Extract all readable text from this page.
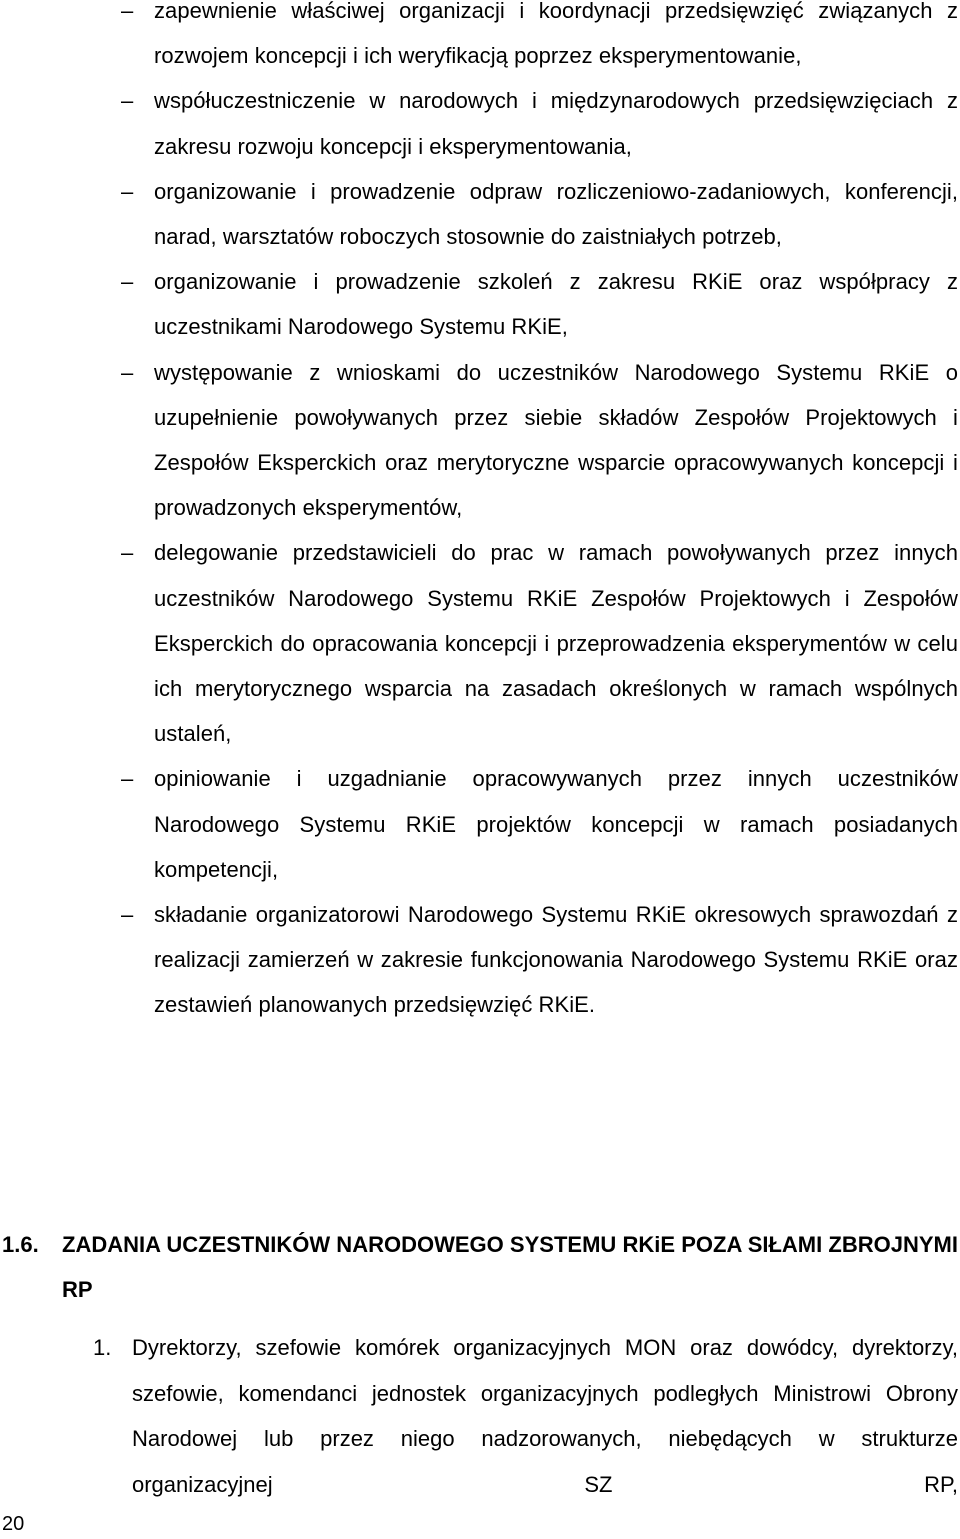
– zapewnienie właściwej organizacji i koordynacji przedsięwzięć związanych z rozwojem koncepcji i ich weryfikacją poprzez eksperymentowanie,
– współuczestniczenie w narodowych i międzynarodowych przedsięwzięciach z zakresu rozwoju koncepcji i eksperymentowania,
– organizowanie i prowadzenie odpraw rozliczeniowo-zadaniowych, konferencji, narad, warsztatów roboczych stosownie do zaistniałych potrzeb,
– organizowanie i prowadzenie szkoleń z zakresu RKiE oraz współpracy z uczestnikami Narodowego Systemu RKiE,
– występowanie z wnioskami do uczestników Narodowego Systemu RKiE o uzupełnienie powoływanych przez siebie składów Zespołów Projektowych i Zespołów Eksperckich oraz merytoryczne wsparcie opracowywanych koncepcji i prowadzonych eksperymentów,
– delegowanie przedstawicieli do prac w ramach powoływanych przez innych uczestników Narodowego Systemu RKiE Zespołów Projektowych i Zespołów Eksperckich do opracowania koncepcji i przeprowadzenia eksperymentów w celu ich merytorycznego wsparcia na zasadach określonych w ramach wspólnych ustaleń,
– opiniowanie i uzgadnianie opracowywanych przez innych uczestników Narodowego Systemu RKiE projektów koncepcji w ramach posiadanych kompetencji,
– składanie organizatorowi Narodowego Systemu RKiE okresowych sprawozdań z realizacji zamierzeń w zakresie funkcjonowania Narodowego Systemu RKiE oraz zestawień planowanych przedsięwzięć RKiE.
1.6.	ZADANIA UCZESTNIKÓW NARODOWEGO SYSTEMU RKiE POZA SIŁAMI ZBROJNYMI RP
1. Dyrektorzy, szefowie komórek organizacyjnych MON oraz dowódcy, dyrektorzy, szefowie, komendanci jednostek organizacyjnych podległych Ministrowi Obrony Narodowej lub przez niego nadzorowanych, niebędących w strukturze organizacyjnej SZ RP,
20
